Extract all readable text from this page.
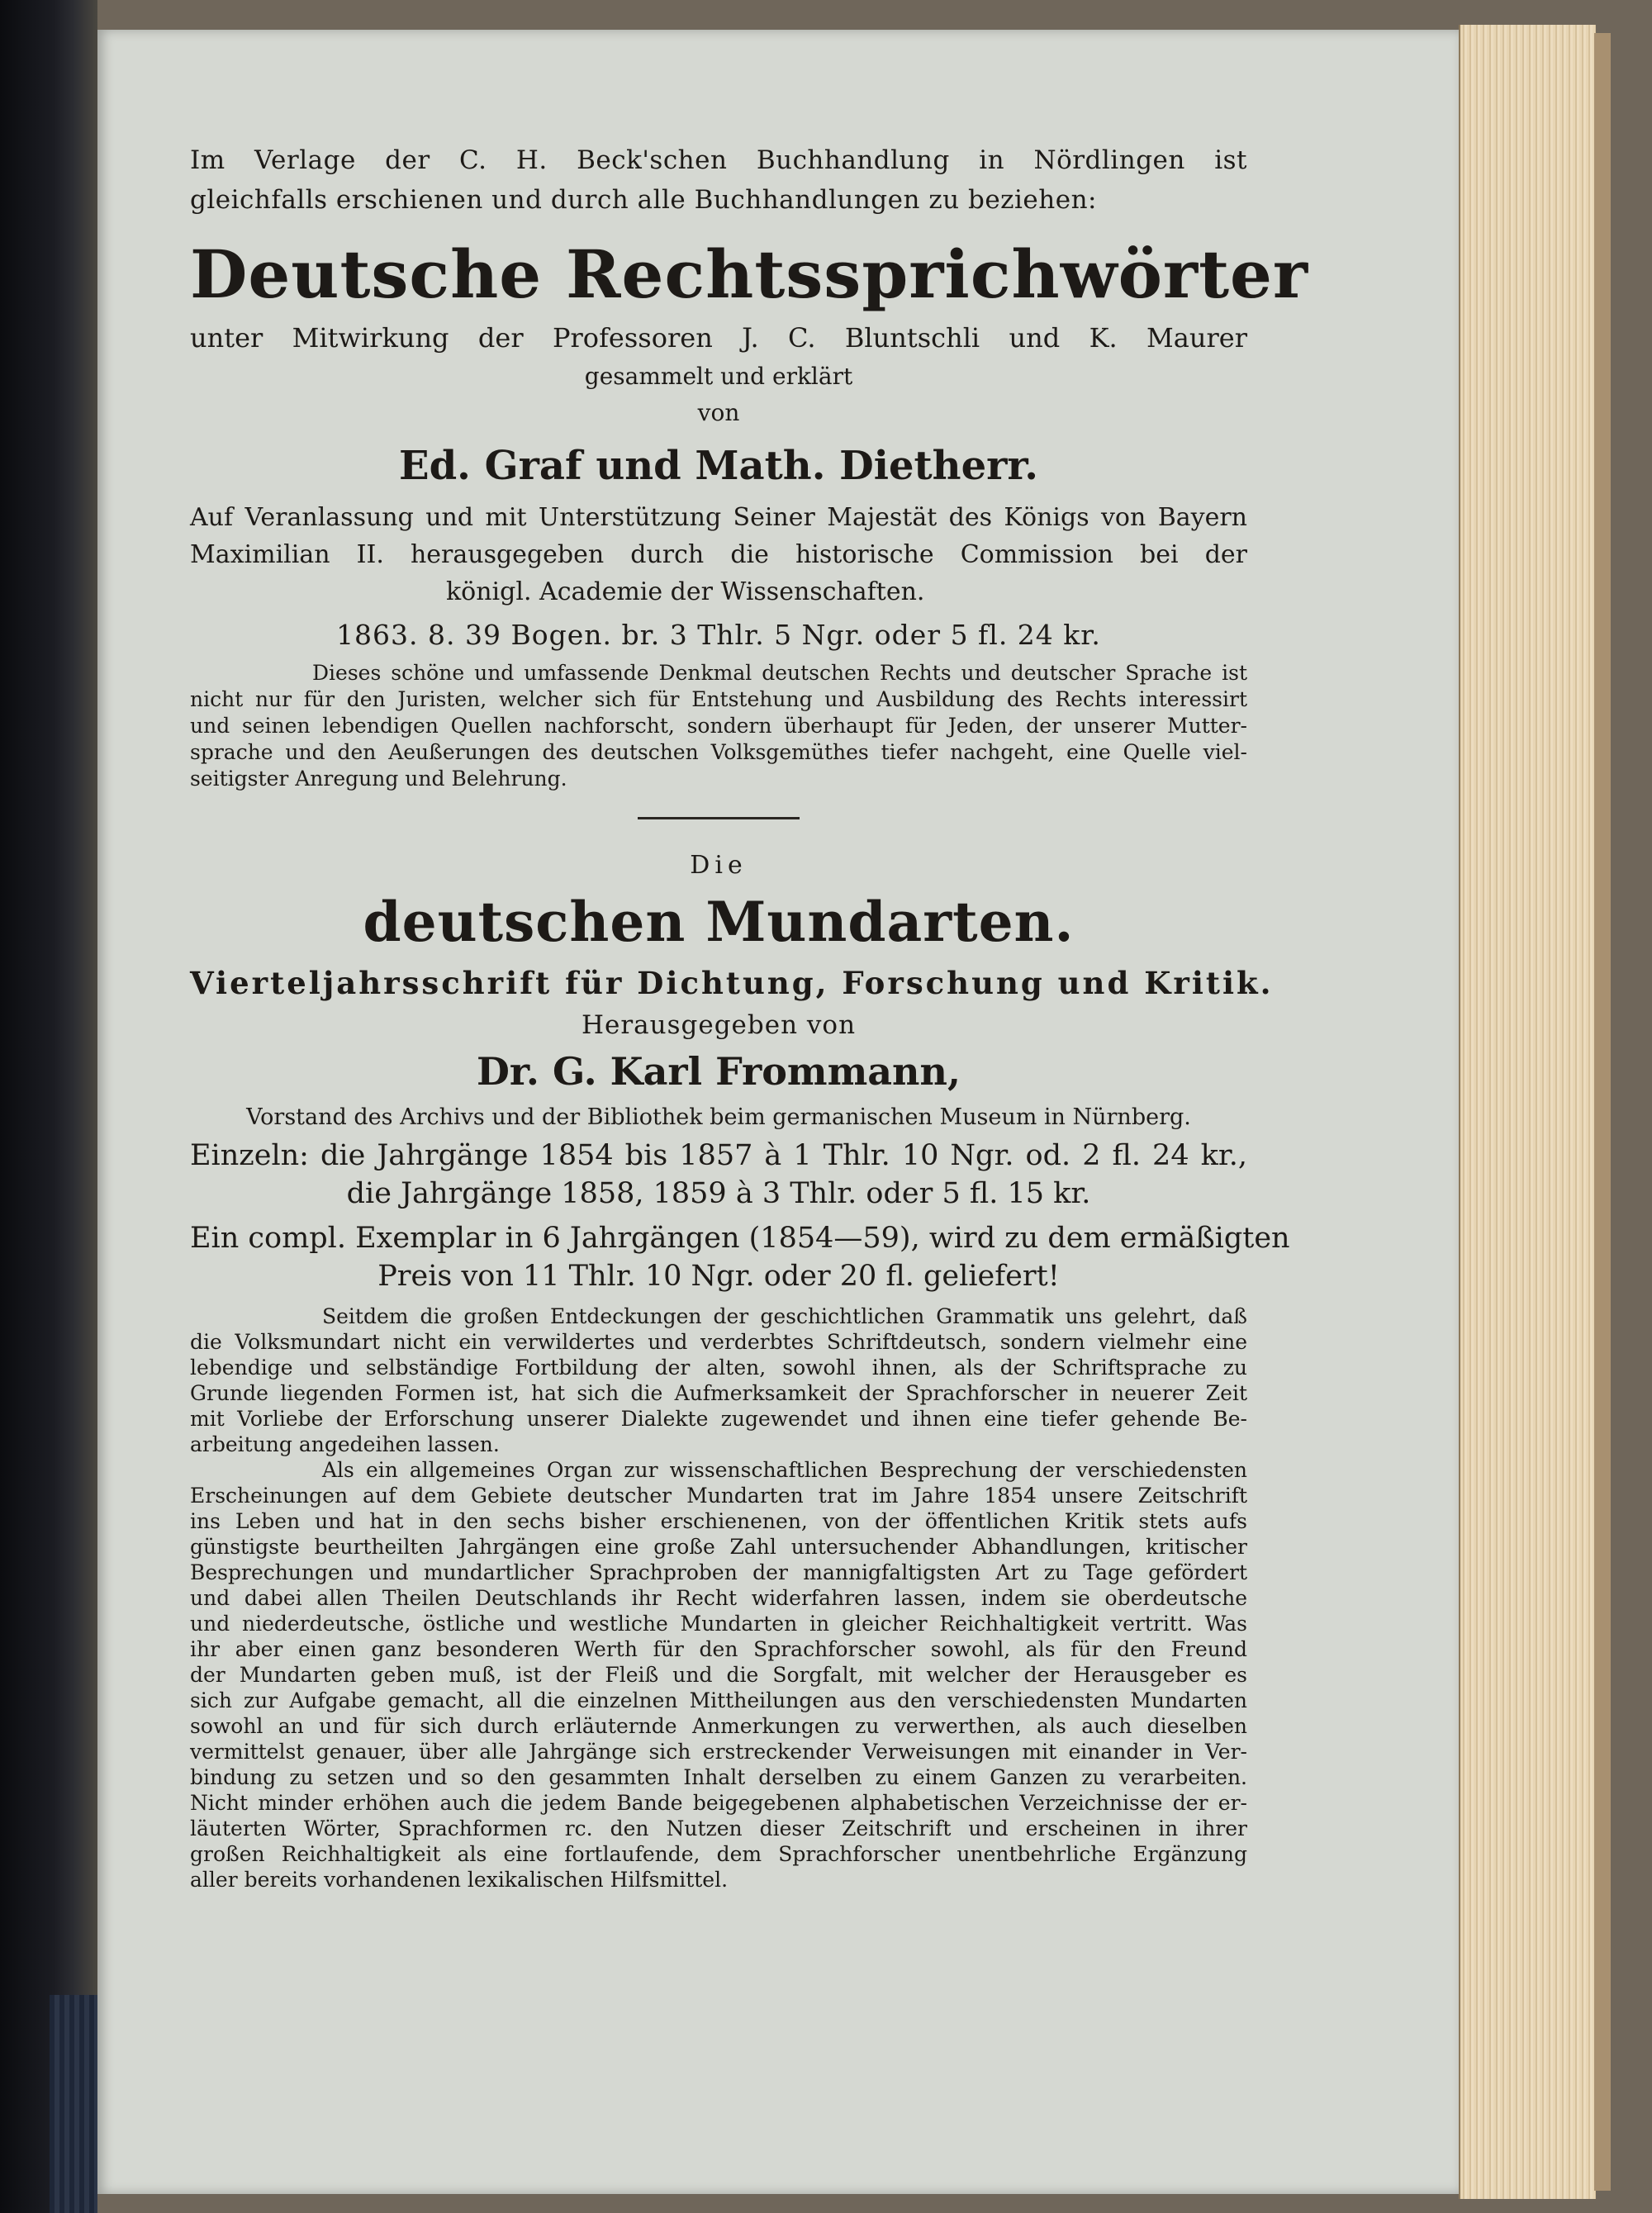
Im Verlage der C. H. Beck'schen Buchhandlung in Nördlingen ist

gleichfalls erschienen und durch alle Buchhandlungen zu beziehen:

Deutsche Rechtssprichwörter

unter Mitwirkung der Professoren J. C. Bluntschli und K. Maurer

gesammelt und erklärt

von

Ed. Graf und Math. Dietherr.

Auf Veranlassung und mit Unterstützung Seiner Majestät des Königs von Bayern

Maximilian II. herausgegeben durch die historische Commission bei der

königl. Academie der Wissenschaften.

1863. 8. 39 Bogen. br. 3 Thlr. 5 Ngr. oder 5 fl. 24 kr.

Dieses schöne und umfassende Denkmal deutschen Rechts und deutscher Sprache ist

nicht nur für den Juristen, welcher sich für Entstehung und Ausbildung des Rechts interessirt

und seinen lebendigen Quellen nachforscht, sondern überhaupt für Jeden, der unserer Mutter-

sprache und den Aeußerungen des deutschen Volksgemüthes tiefer nachgeht, eine Quelle viel-

seitigster Anregung und Belehrung.

Die

deutschen Mundarten.

Vierteljahrsschrift für Dichtung, Forschung und Kritik.

Herausgegeben von

Dr. G. Karl Frommann,

Vorstand des Archivs und der Bibliothek beim germanischen Museum in Nürnberg.

Einzeln: die Jahrgänge 1854 bis 1857 à 1 Thlr. 10 Ngr. od. 2 fl. 24 kr.,

die Jahrgänge 1858, 1859 à 3 Thlr. oder 5 fl. 15 kr.

Ein compl. Exemplar in 6 Jahrgängen (1854—59), wird zu dem ermäßigten

Preis von 11 Thlr. 10 Ngr. oder 20 fl. geliefert!

Seitdem die großen Entdeckungen der geschichtlichen Grammatik uns gelehrt, daß

die Volksmundart nicht ein verwildertes und verderbtes Schriftdeutsch, sondern vielmehr eine

lebendige und selbständige Fortbildung der alten, sowohl ihnen, als der Schriftsprache zu

Grunde liegenden Formen ist, hat sich die Aufmerksamkeit der Sprachforscher in neuerer Zeit

mit Vorliebe der Erforschung unserer Dialekte zugewendet und ihnen eine tiefer gehende Be-

arbeitung angedeihen lassen.

Als ein allgemeines Organ zur wissenschaftlichen Besprechung der verschiedensten

Erscheinungen auf dem Gebiete deutscher Mundarten trat im Jahre 1854 unsere Zeitschrift

ins Leben und hat in den sechs bisher erschienenen, von der öffentlichen Kritik stets aufs

günstigste beurtheilten Jahrgängen eine große Zahl untersuchender Abhandlungen, kritischer

Besprechungen und mundartlicher Sprachproben der mannigfaltigsten Art zu Tage gefördert

und dabei allen Theilen Deutschlands ihr Recht widerfahren lassen, indem sie oberdeutsche

und niederdeutsche, östliche und westliche Mundarten in gleicher Reichhaltigkeit vertritt. Was

ihr aber einen ganz besonderen Werth für den Sprachforscher sowohl, als für den Freund

der Mundarten geben muß, ist der Fleiß und die Sorgfalt, mit welcher der Herausgeber es

sich zur Aufgabe gemacht, all die einzelnen Mittheilungen aus den verschiedensten Mundarten

sowohl an und für sich durch erläuternde Anmerkungen zu verwerthen, als auch dieselben

vermittelst genauer, über alle Jahrgänge sich erstreckender Verweisungen mit einander in Ver-

bindung zu setzen und so den gesammten Inhalt derselben zu einem Ganzen zu verarbeiten.

Nicht minder erhöhen auch die jedem Bande beigegebenen alphabetischen Verzeichnisse der er-

läuterten Wörter, Sprachformen rc. den Nutzen dieser Zeitschrift und erscheinen in ihrer

großen Reichhaltigkeit als eine fortlaufende, dem Sprachforscher unentbehrliche Ergänzung

aller bereits vorhandenen lexikalischen Hilfsmittel.
